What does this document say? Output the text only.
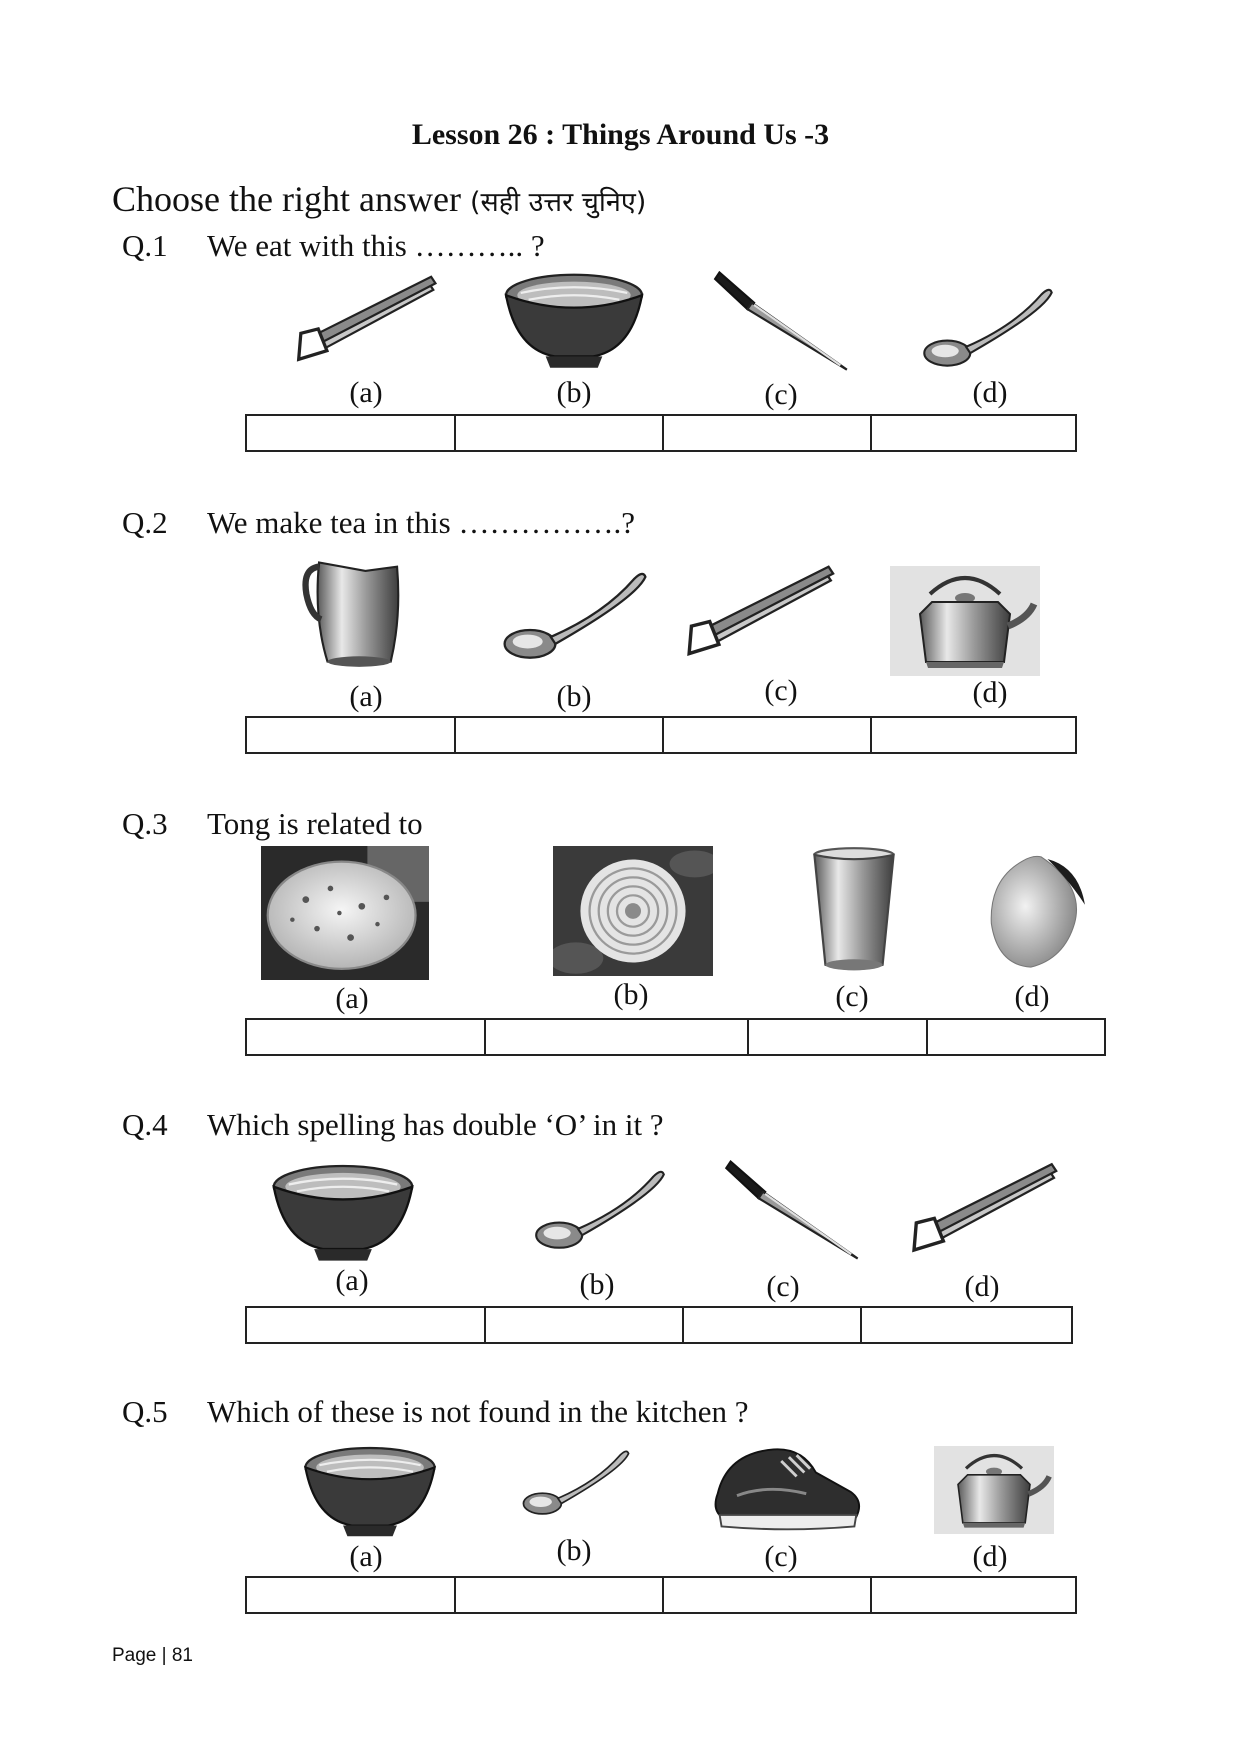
Lesson 26 : Things Around Us -3
Choose the right answer (सही उत्तर चुनिए)
Q.1 We eat with this ……….. ?
(a)	(b)	(c)	(d)
Q.2 We make tea in this …………….?
(a)	(b)	(c)	(d)
Q.3 Tong is related to
(a)	(b)	(c)	(d)
Q.4 Which spelling has double ‘O’ in it ?
(a)	(b)	(c)	(d)
Q.5 Which of these is not found in the kitchen ?
(a)	(b)	(c)	(d)
Page | 81
